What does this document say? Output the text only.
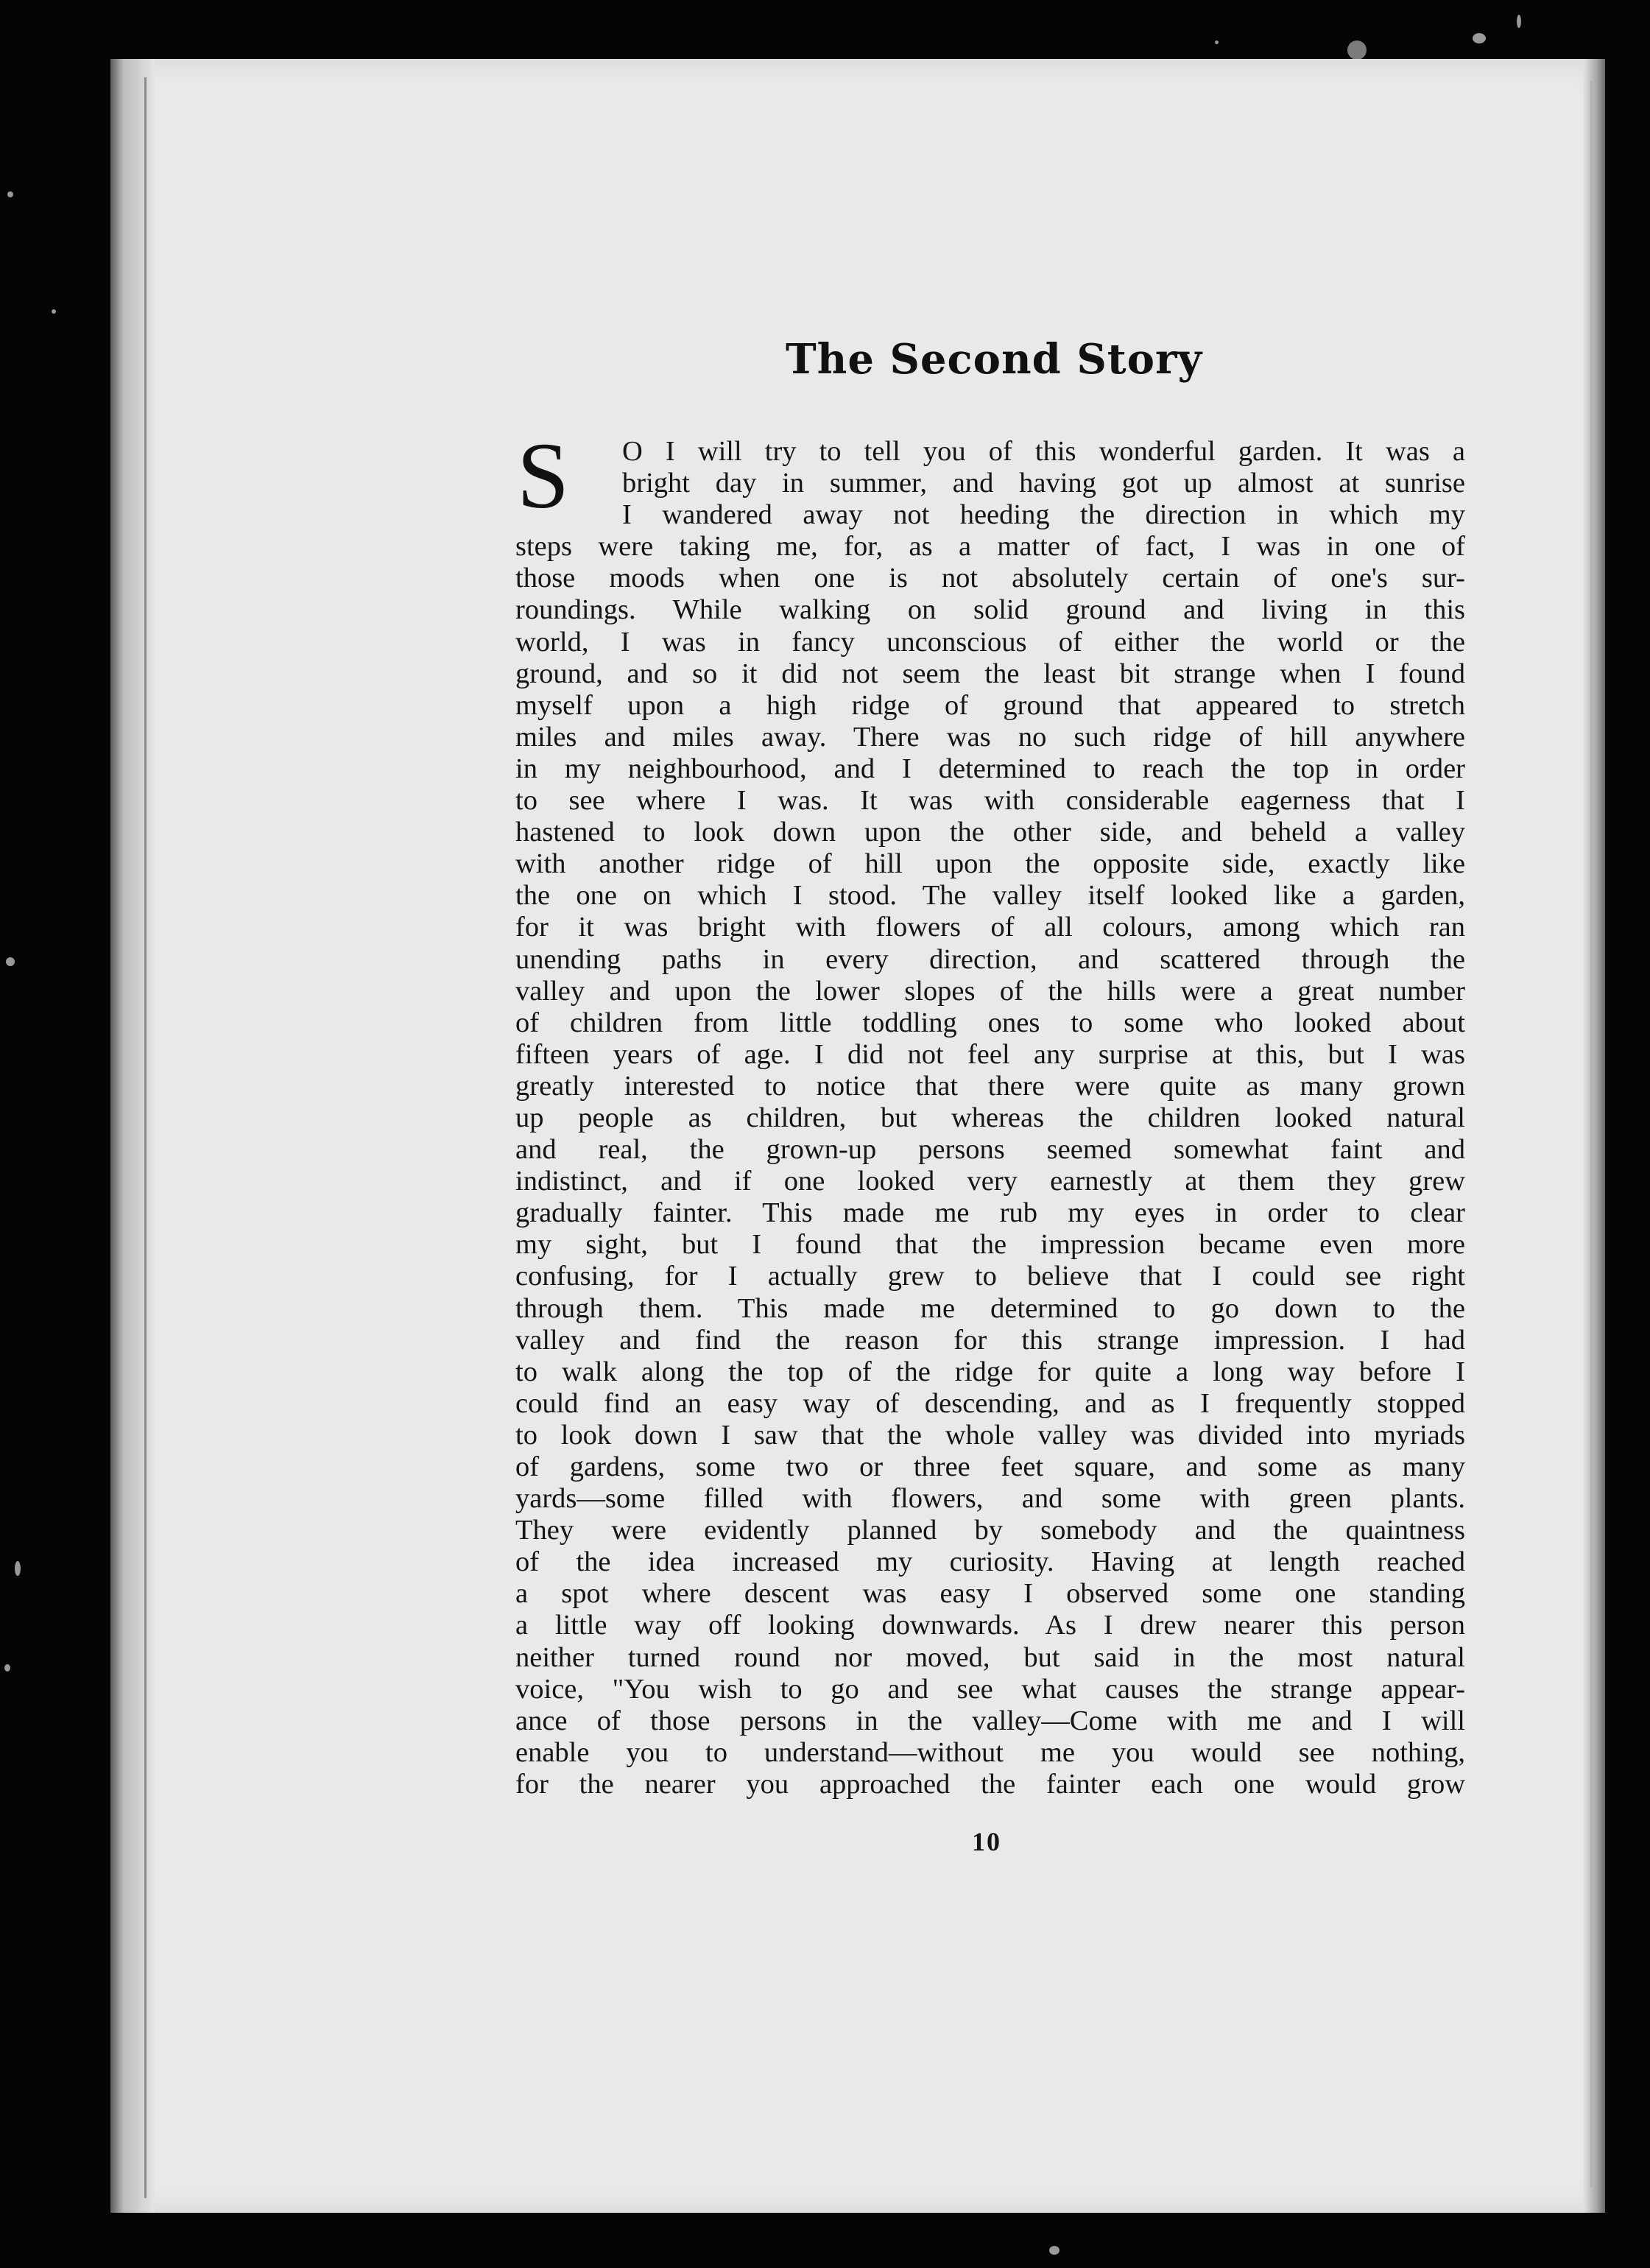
The Second Story
S	O I will try to tell you of this wonderful garden. It was a
bright day in summer, and having got up almost at sunrise
I wandered away not heeding the direction in which my
steps were taking me, for, as a matter of fact, I was in one of
those moods when one is not absolutely certain of one's sur-
roundings. While walking on solid ground and living in this
world, I was in fancy unconscious of either the world or the
ground, and so it did not seem the least bit strange when I found
myself upon a high ridge of ground that appeared to stretch
miles and miles away. There was no such ridge of hill anywhere
in my neighbourhood, and I determined to reach the top in order
to see where I was. It was with considerable eagerness that I
hastened to look down upon the other side, and beheld a valley
with another ridge of hill upon the opposite side, exactly like
the one on which I stood. The valley itself looked like a garden,
for it was bright with flowers of all colours, among which ran
unending paths in every direction, and scattered through the
valley and upon the lower slopes of the hills were a great number
of children from little toddling ones to some who looked about
fifteen years of age. I did not feel any surprise at this, but I was
greatly interested to notice that there were quite as many grown
up people as children, but whereas the children looked natural
and real, the grown-up persons seemed somewhat faint and
indistinct, and if one looked very earnestly at them they grew
gradually fainter. This made me rub my eyes in order to clear
my sight, but I found that the impression became even more
confusing, for I actually grew to believe that I could see right
through them. This made me determined to go down to the
valley and find the reason for this strange impression. I had
to walk along the top of the ridge for quite a long way before I
could find an easy way of descending, and as I frequently stopped
to look down I saw that the whole valley was divided into myriads
of gardens, some two or three feet square, and some as many
yards—some filled with flowers, and some with green plants.
They were evidently planned by somebody and the quaintness
of the idea increased my curiosity. Having at length reached
a spot where descent was easy I observed some one standing
a little way off looking downwards. As I drew nearer this person
neither turned round nor moved, but said in the most natural
voice, "You wish to go and see what causes the strange appear-
ance of those persons in the valley—Come with me and I will
enable you to understand—without me you would see nothing,
for the nearer you approached the fainter each one would grow
10
